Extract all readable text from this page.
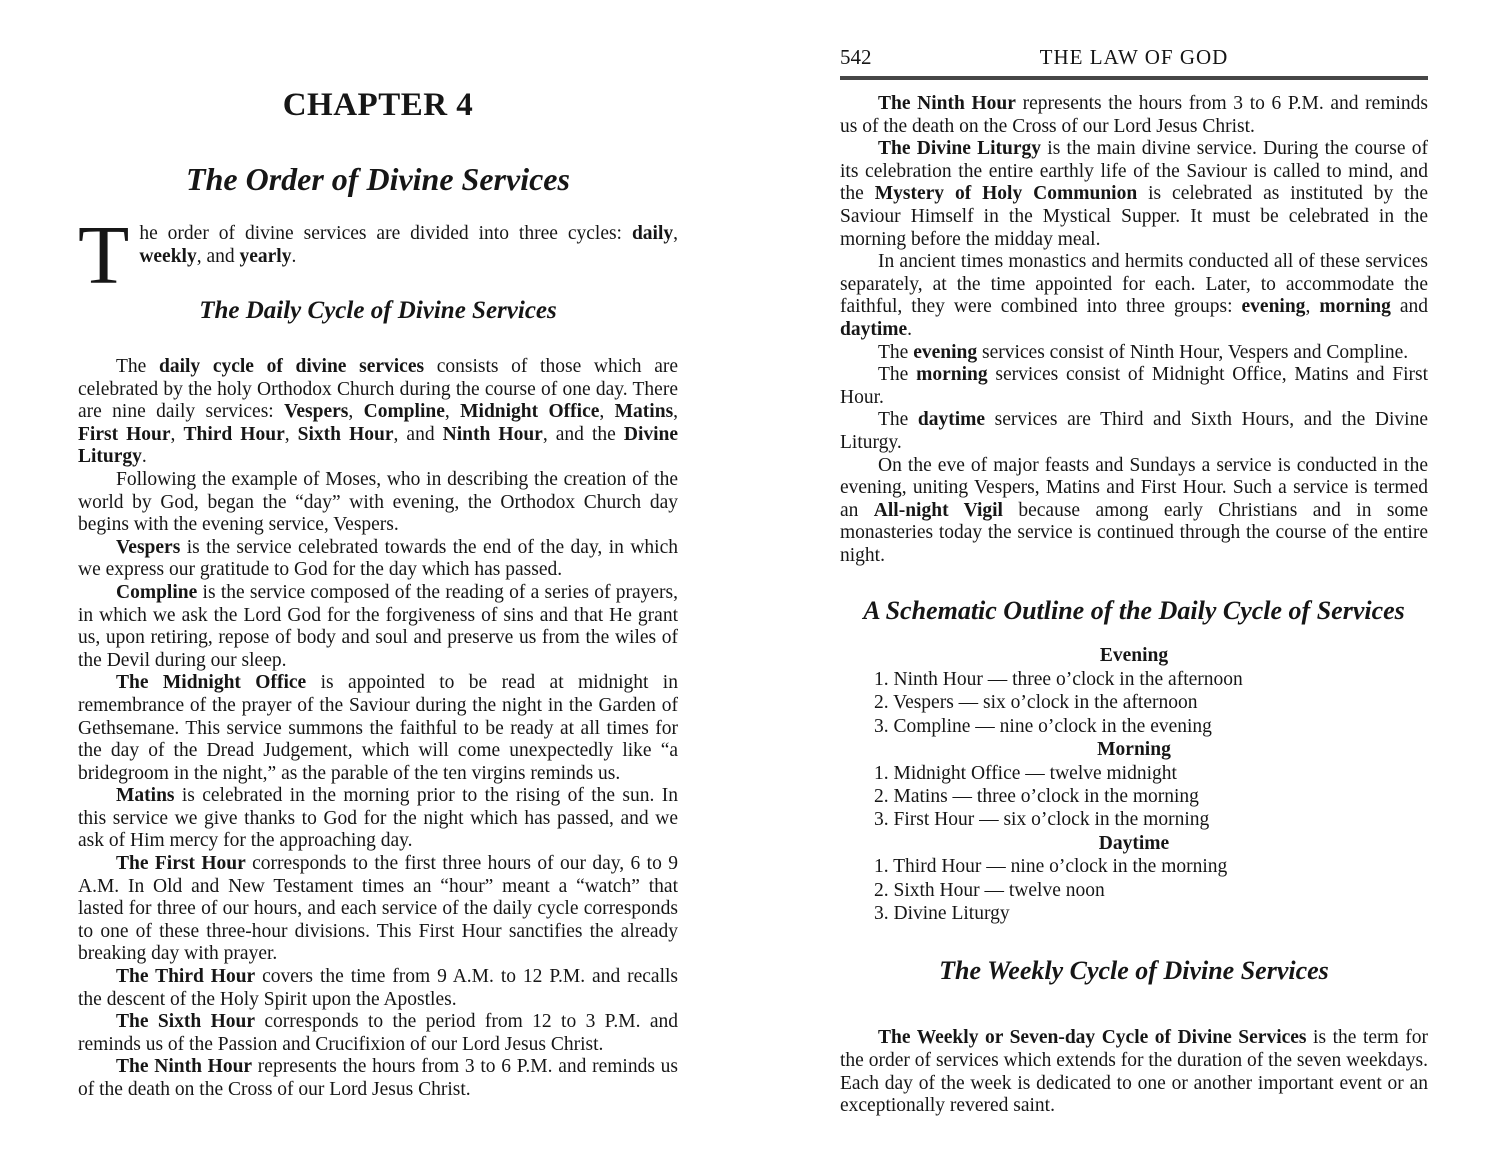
CHAPTER 4
The Order of Divine Services

The order of divine services are divided into three cycles: daily, weekly, and yearly.

The Daily Cycle of Divine Services

The daily cycle of divine services consists of those which are celebrated by the holy Orthodox Church during the course of one day. There are nine daily services: Vespers, Compline, Midnight Office, Matins, First Hour, Third Hour, Sixth Hour, and Ninth Hour, and the Divine Liturgy.

Following the example of Moses, who in describing the creation of the world by God, began the “day” with evening, the Orthodox Church day begins with the evening service, Vespers.

Vespers is the service celebrated towards the end of the day, in which we express our gratitude to God for the day which has passed.

Compline is the service composed of the reading of a series of prayers, in which we ask the Lord God for the forgiveness of sins and that He grant us, upon retiring, repose of body and soul and preserve us from the wiles of the Devil during our sleep.

The Midnight Office is appointed to be read at midnight in remembrance of the prayer of the Saviour during the night in the Garden of Gethsemane. This service summons the faithful to be ready at all times for the day of the Dread Judgement, which will come unexpectedly like “a bridegroom in the night,” as the parable of the ten virgins reminds us.

Matins is celebrated in the morning prior to the rising of the sun. In this service we give thanks to God for the night which has passed, and we ask of Him mercy for the approaching day.

The First Hour corresponds to the first three hours of our day, 6 to 9 A.M. In Old and New Testament times an “hour” meant a “watch” that lasted for three of our hours, and each service of the daily cycle corresponds to one of these three-hour divisions. This First Hour sanctifies the already breaking day with prayer.

The Third Hour covers the time from 9 A.M. to 12 P.M. and recalls the descent of the Holy Spirit upon the Apostles.

The Sixth Hour corresponds to the period from 12 to 3 P.M. and reminds us of the Passion and Crucifixion of our Lord Jesus Christ.

The Ninth Hour represents the hours from 3 to 6 P.M. and reminds us of the death on the Cross of our Lord Jesus Christ.

542	THE LAW OF GOD

The Ninth Hour represents the hours from 3 to 6 P.M. and reminds us of the death on the Cross of our Lord Jesus Christ.

The Divine Liturgy is the main divine service. During the course of its celebration the entire earthly life of the Saviour is called to mind, and the Mystery of Holy Communion is celebrated as instituted by the Saviour Himself in the Mystical Supper. It must be celebrated in the morning before the midday meal.

In ancient times monastics and hermits conducted all of these services separately, at the time appointed for each. Later, to accommodate the faithful, they were combined into three groups: evening, morning and daytime.

The evening services consist of Ninth Hour, Vespers and Compline.

The morning services consist of Midnight Office, Matins and First Hour.

The daytime services are Third and Sixth Hours, and the Divine Liturgy.

On the eve of major feasts and Sundays a service is conducted in the evening, uniting Vespers, Matins and First Hour. Such a service is termed an All-night Vigil because among early Christians and in some monasteries today the service is continued through the course of the entire night.

A Schematic Outline of the Daily Cycle of Services
Evening
1. Ninth Hour — three o’clock in the afternoon
2. Vespers — six o’clock in the afternoon
3. Compline — nine o’clock in the evening
Morning
1. Midnight Office — twelve midnight
2. Matins — three o’clock in the morning
3. First Hour — six o’clock in the morning
Daytime
1. Third Hour — nine o’clock in the morning
2. Sixth Hour — twelve noon
3. Divine Liturgy
The Weekly Cycle of Divine Services

The Weekly or Seven-day Cycle of Divine Services is the term for the order of services which extends for the duration of the seven weekdays. Each day of the week is dedicated to one or another important event or an exceptionally revered saint.
